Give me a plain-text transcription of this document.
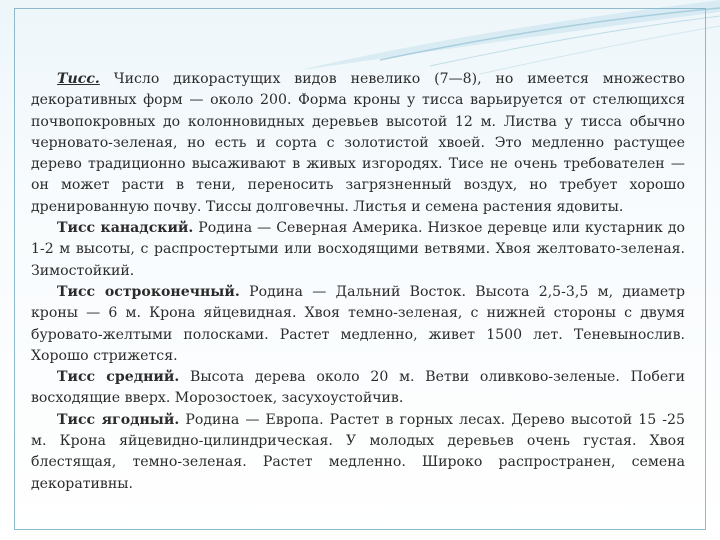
Тисс. Число дикорастущих видов невелико (7—8), но имеется множество декоративных форм — около 200. Форма кроны у тисса варьируется от стелющихся почвопокровных до колонновидных деревьев высотой 12 м. Листва у тисса обычно черновато-зеленая, но есть и сорта с золотистой хвоей. Это медленно растущее дерево традиционно высаживают в живых изгородях. Тисе не очень требователен — он может расти в тени, переносить загрязненный воздух, но требует хорошо дренированную почву. Тиссы долговечны. Листья и семена растения ядовиты.

Тисс канадский. Родина — Северная Америка. Низкое деревце или кустарник до 1-2 м высоты, с распростертыми или восходящими ветвями. Хвоя желтовато-зеленая. Зимостойкий.

Тисс остроконечный. Родина — Дальний Восток. Высота 2,5-3,5 м, диаметр кроны — 6 м. Крона яйцевидная. Хвоя темно-зеленая, с нижней стороны с двумя буровато-желтыми полосками. Растет медленно, живет 1500 лет. Теневынослив. Хорошо стрижется.

Тисс средний. Высота дерева около 20 м. Ветви оливково-зеленые. Побеги восходящие вверх. Морозостоек, засухоустойчив.

Тисс ягодный. Родина — Европа. Растет в горных лесах. Дерево высотой 15 -25 м. Крона яйцевидно-цилиндрическая. У молодых деревьев очень густая. Хвоя блестящая, темно-зеленая. Растет медленно. Широко распространен, семена декоративны.
